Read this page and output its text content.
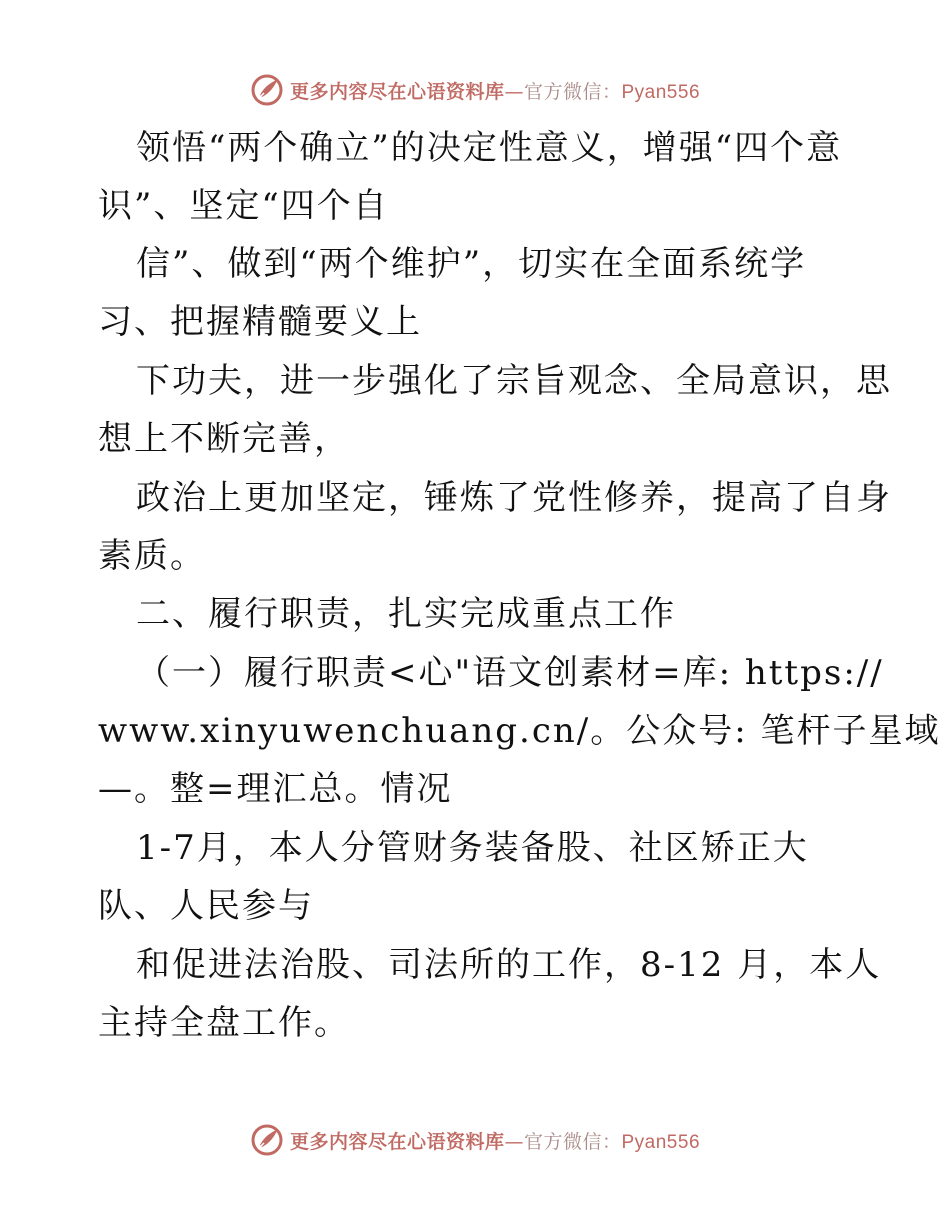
更多内容尽在心语资料库—官方微信：Pyan556
领悟“两个确立”的决定性意义，增强“四个意
识”、坚定“四个自
信”、做到“两个维护”，切实在全面系统学
习、把握精髓要义上
下功夫，进一步强化了宗旨观念、全局意识，思
想上不断完善，
政治上更加坚定，锤炼了党性修养，提高了自身
素质。
二、履行职责，扎实完成重点工作
（一）履行职责<心"语文创素材=库: https://
www.xinyuwenchuang.cn/。公众号: 笔杆子星域
—。整=理汇总。情况
1-7月，本人分管财务装备股、社区矫正大
队、人民参与
和促进法治股、司法所的工作，8-12 月，本人
主持全盘工作。
更多内容尽在心语资料库—官方微信：Pyan556
